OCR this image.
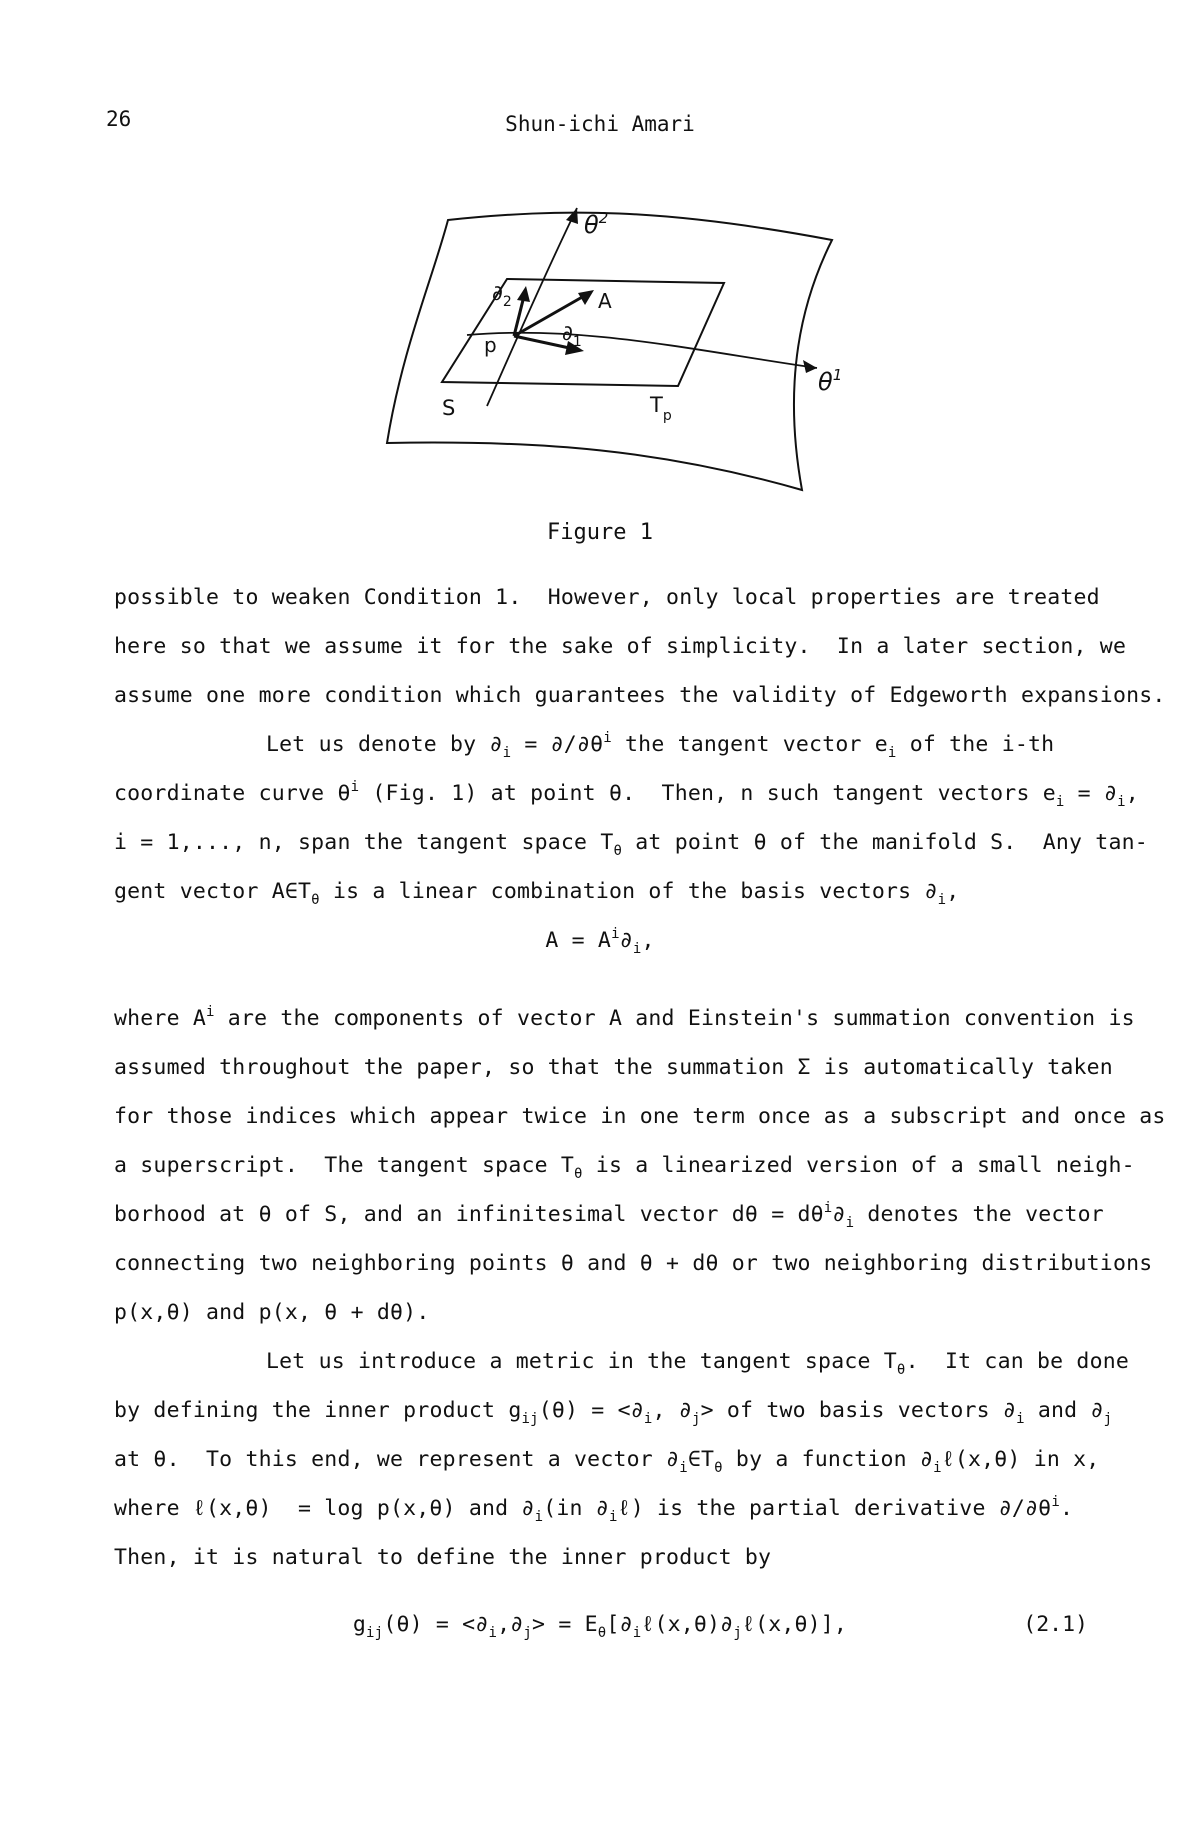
26	Shun-ichi Amari
$\theta^2$
$\theta^1$
$\partial_2$
$\partial_1$
A
p
$T_p$
S
Figure 1
possible to weaken Condition 1.  However, only local properties are treated
here so that we assume it for the sake of simplicity.  In a later section, we
assume one more condition which guarantees the validity of Edgeworth expansions.
Let us denote by $\partial_i = \partial/\partial\theta^i$ the tangent vector $e_i$ of the i-th
coordinate curve $\theta^i$ (Fig. 1) at point θ.  Then, n such tangent vectors $e_i = \partial_i$,
i = 1,..., n, span the tangent space $T_\theta$ at point θ of the manifold S.  Any tan-
gent vector $A\in T_\theta$ is a linear combination of the basis vectors $\partial_i$,
$A = A^i\partial_i$,
where $A^i$ are the components of vector A and Einstein's summation convention is
assumed throughout the paper, so that the summation Σ is automatically taken
for those indices which appear twice in one term once as a subscript and once as
a superscript.  The tangent space $T_\theta$ is a linearized version of a small neigh-
borhood at θ of S, and an infinitesimal vector $d\theta = d\theta^i\partial_i$ denotes the vector
connecting two neighboring points θ and θ + dθ or two neighboring distributions
p(x,θ) and p(x, θ + dθ).
Let us introduce a metric in the tangent space $T_\theta$.  It can be done
by defining the inner product $g_{ij}(\theta) = <\partial_i$, $\partial_j>$ of two basis vectors $\partial_i$ and $\partial_j$
at θ.  To this end, we represent a vector $\partial_i\in T_\theta$ by a function $\partial_i\ell(x,\theta)$ in x,
where ℓ(x,θ)  = log p(x,θ) and $\partial_i(in$ $\partial_i\ell$) is the partial derivative $\partial/\partial\theta^i$.
Then, it is natural to define the inner product by
$g_{ij}(\theta) = <\partial_i,\partial_j>$ = $E_\theta[\partial_i\ell(x,\theta)\partial_j\ell(x,\theta)]$,	(2.1)
